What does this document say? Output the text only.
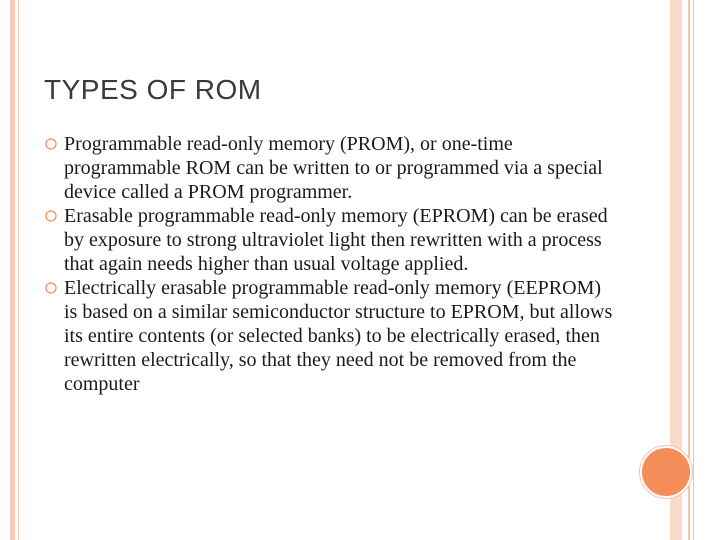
TYPES OF ROM
Programmable read-only memory (PROM), or one-time programmable ROM can be written to or programmed via a special device called a PROM programmer.
Erasable programmable read-only memory (EPROM) can be erased by exposure to strong ultraviolet light then rewritten with a process that again needs higher than usual voltage applied.
Electrically erasable programmable read-only memory (EEPROM) is based on a similar semiconductor structure to EPROM, but allows its entire contents (or selected banks) to be electrically erased, then rewritten electrically, so that they need not be removed from the computer
